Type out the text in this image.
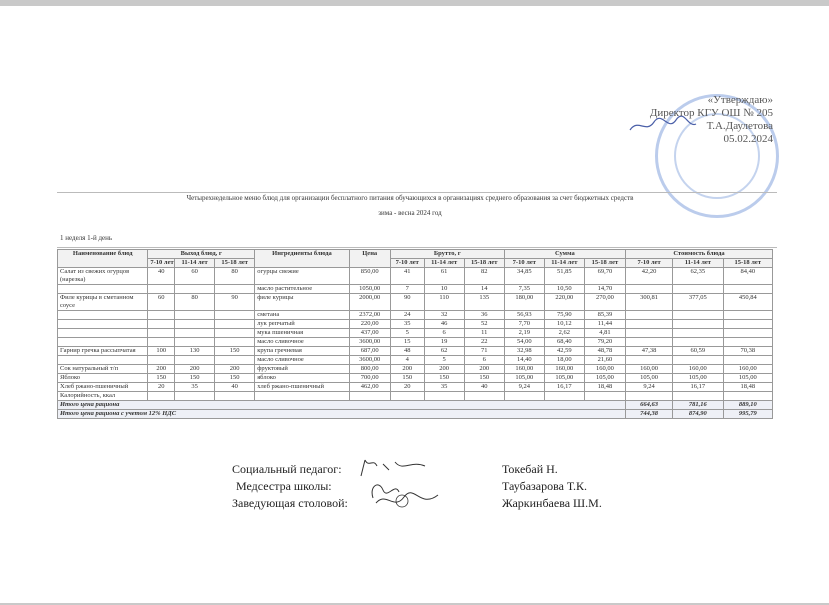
«Утверждаю»
Директор КГУ ОШ № 205
Т.А.Даулетова
05.02.2024
Четырехнедельное меню блюд для организации бесплатного питания обучающихся в организациях среднего образования за счет бюджетных средств
зима - весна 2024 год
1 неделя 1-й день
Наименование блюд	Выход блюд, г			Ингредиенты блюда	Цена	Брутто, г			Сумма			Стоимость блюда		
	7-10 лет	11-14 лет	15-18 лет			7-10 лет	11-14 лет	15-18 лет	7-10 лет	11-14 лет	15-18 лет	7-10 лет	11-14 лет	15-18 лет
Салат из свежих огурцов (нарезка)	40	60	80	огурцы свежие	850,00	41	61	82	34,85	51,85	69,70	42,20	62,35	84,40
				масло растительное	1050,00	7	10	14	7,35	10,50	14,70			
Филе курицы в сметанном соусе	60	80	90	филе курицы	2000,00	90	110	135	180,00	220,00	270,00	300,81	377,05	450,84
				сметана	2372,00	24	32	36	56,93	75,90	85,39			
				лук репчатый	220,00	35	46	52	7,70	10,12	11,44			
				мука пшеничная	437,00	5	6	11	2,19	2,62	4,81			
				масло сливочное	3600,00	15	19	22	54,00	68,40	79,20			
Гарнир гречка рассыпчатая	100	130	150	крупа гречневая	687,00	48	62	71	32,98	42,59	48,78	47,38	60,59	70,38
				масло сливочное	3600,00	4	5	6	14,40	18,00	21,60			
Сок натуральный т/п	200	200	200	фруктовый	800,00	200	200	200	160,00	160,00	160,00	160,00	160,00	160,00
Яблоко	150	150	150	яблоко	700,00	150	150	150	105,00	105,00	105,00	105,00	105,00	105,00
Хлеб ржано-пшеничный	20	35	40	хлеб ржано-пшеничный	462,00	20	35	40	9,24	16,17	18,48	9,24	16,17	18,48
Калорийность, ккал														
Итого цена рациона												664,63	781,16	889,10
Итого цена рациона с учетом 12% НДС												744,38	874,90	995,79
Социальный педагог:	Токебай Н.
Медсестра школы:	Таубазарова Т.К.
Заведующая столовой:	Жаркинбаева Ш.М.
